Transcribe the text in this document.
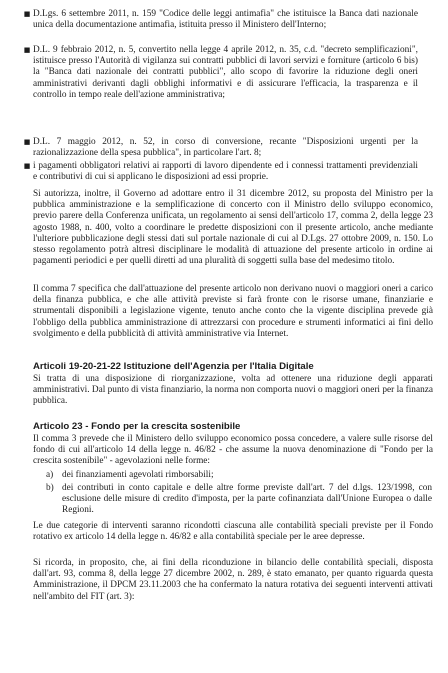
■ D.Lgs. 6 settembre 2011, n. 159 "Codice delle leggi antimafia" che istituisce la Banca dati nazionale unica della documentazione antimafia, istituita presso il Ministero dell'Interno;
■ D.L. 9 febbraio 2012, n. 5, convertito nella legge 4 aprile 2012, n. 35, c.d. "decreto semplificazioni", istituisce presso l'Autorità di vigilanza sui contratti pubblici di lavori servizi e forniture (articolo 6 bis) la "Banca dati nazionale dei contratti pubblici", allo scopo di favorire la riduzione degli oneri amministrativi derivanti dagli obblighi informativi e di assicurare l'efficacia, la trasparenza e il controllo in tempo reale dell'azione amministrativa;
■ D.L. 7 maggio 2012, n. 52, in corso di conversione, recante "Disposizioni urgenti per la razionalizzazione della spesa pubblica", in particolare l'art. 8;
■ i pagamenti obbligatori relativi ai rapporti di lavoro dipendente ed i connessi trattamenti previdenziali e contributivi di cui si applicano le disposizioni ad essi proprie.

Si autorizza, inoltre, il Governo ad adottare entro il 31 dicembre 2012, su proposta del Ministro per la pubblica amministrazione e la semplificazione di concerto con il Ministro dello sviluppo economico, previo parere della Conferenza unificata, un regolamento ai sensi dell'articolo 17, comma 2, della legge 23 agosto 1988, n. 400, volto a coordinare le predette disposizioni con il presente articolo, anche mediante l'ulteriore pubblicazione degli stessi dati sul portale nazionale di cui al D.Lgs. 27 ottobre 2009, n. 150. Lo stesso regolamento potrà altresì disciplinare le modalità di attuazione del presente articolo in ordine ai pagamenti periodici e per quelli diretti ad una pluralità di soggetti sulla base del medesimo titolo.

Il comma 7 specifica che dall'attuazione del presente articolo non derivano nuovi o maggiori oneri a carico della finanza pubblica, e che alle attività previste si farà fronte con le risorse umane, finanziarie e strumentali disponibili a legislazione vigente, tenuto anche conto che la vigente disciplina prevede già l'obbligo della pubblica amministrazione di attrezzarsi con procedure e strumenti informatici ai fini dello svolgimento e della pubblicità di attività amministrative via Internet.

Articoli 19-20-21-22 Istituzione dell'Agenzia per l'Italia Digitale

Si tratta di una disposizione di riorganizzazione, volta ad ottenere una riduzione degli apparati amministrativi. Dal punto di vista finanziario, la norma non comporta nuovi o maggiori oneri per la finanza pubblica.

Articolo 23 - Fondo per la crescita sostenibile

Il comma 3 prevede che il Ministero dello sviluppo economico possa concedere, a valere sulle risorse del fondo di cui all'articolo 14 della legge n. 46/82 - che assume la nuova denominazione di "Fondo per la crescita sostenibile" - agevolazioni nelle forme:

a) dei finanziamenti agevolati rimborsabili;
b) dei contributi in conto capitale e delle altre forme previste dall'art. 7 del d.lgs. 123/1998, con esclusione delle misure di credito d'imposta, per la parte cofinanziata dall'Unione Europea o dalle Regioni.

Le due categorie di interventi saranno ricondotti ciascuna alle contabilità speciali previste per il Fondo rotativo ex articolo 14 della legge n. 46/82 e alla contabilità speciale per le aree depresse.

Si ricorda, in proposito, che, ai fini della riconduzione in bilancio delle contabilità speciali, disposta dall'art. 93, comma 8, della legge 27 dicembre 2002, n. 289, è stato emanato, per quanto riguarda questa Amministrazione, il DPCM 23.11.2003 che ha confermato la natura rotativa dei seguenti interventi attivati nell'ambito del FIT (art. 3):
